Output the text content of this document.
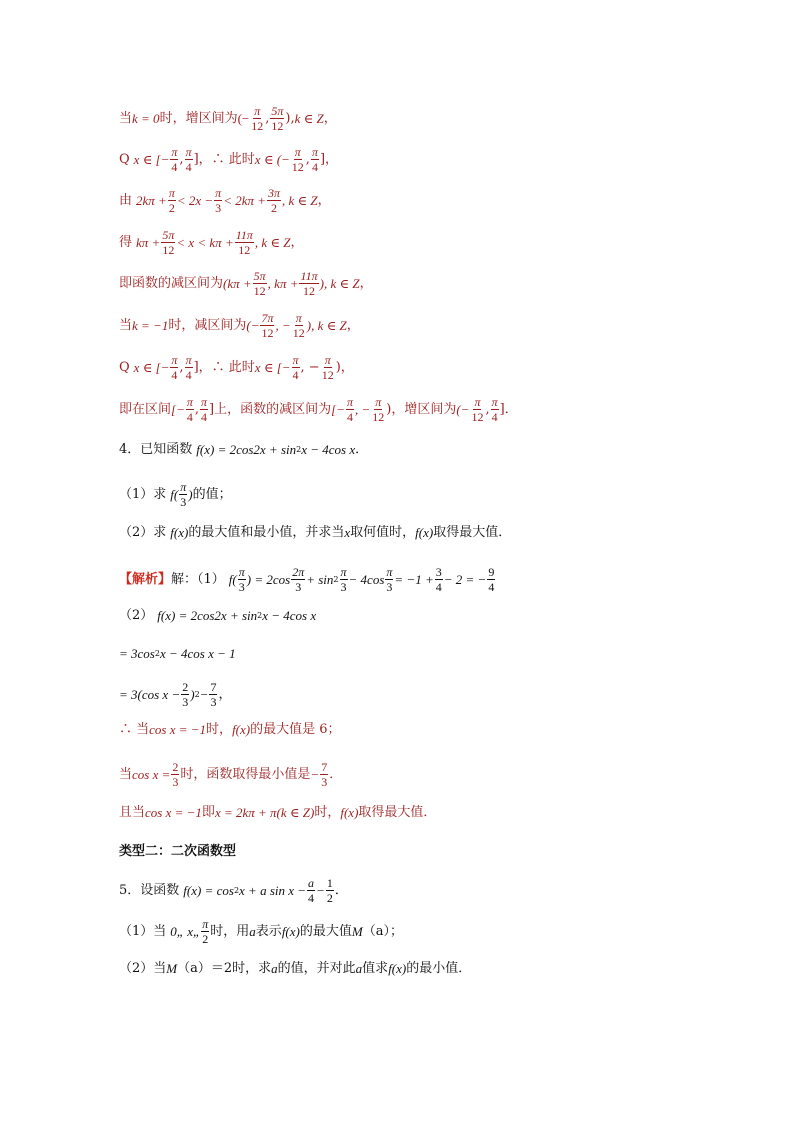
当 k = 0 时，增区间为 (− $\frac{\pi}{12}$ , $\frac{5\pi}{12}$ ), k ∈ Z ，
Q x ∈ [− $\frac{\pi}{4}$ , $\frac{\pi}{4}$ ] ，∴ 此时 x ∈ (− $\frac{\pi}{12}$ , $\frac{\pi}{4}$ ] ，
由 $2k\pi + \frac{\pi}{2} < 2x - \frac{\pi}{3} < 2k\pi + \frac{3\pi}{2}$ , k ∈ Z ，
得 $k\pi + \frac{5\pi}{12} < x < k\pi + \frac{11\pi}{12}$ , k ∈ Z ，
即函数的减区间为 ($k\pi + \frac{5\pi}{12}$ , $k\pi + \frac{11\pi}{12}$ ), k ∈ Z ，
当 k = −1 时，减区间为 (− $\frac{7\pi}{12}$ , − $\frac{\pi}{12}$ ), k ∈ Z ，
Q x ∈ [− $\frac{\pi}{4}$ , $\frac{\pi}{4}$ ] ，∴ 此时 x ∈ [− $\frac{\pi}{4}$ , − $\frac{\pi}{12}$ ) ，
即在区间 [− $\frac{\pi}{4}$ , $\frac{\pi}{4}$ ] 上，函数的减区间为 [− $\frac{\pi}{4}$ , − $\frac{\pi}{12}$ ) ，增区间为 (− $\frac{\pi}{12}$ , $\frac{\pi}{4}$ ] ．
4．已知函数 f(x) = 2cos2x + sin 2 x − 4cos x ．
（1）求 $f( \frac{\pi}{3}$ ) 的值；
（2）求 f(x) 的最大值和最小值，并求当 x 取何值时， f(x) 取得最大值．
【解析】 解：（1） $f( \frac{\pi}{3}$ ) = $2\cos \frac{2\pi}{3} + \sin 2 \frac{\pi}{3} - 4\cos \frac{\pi}{3} = -1 + \frac{3}{4} - 2$ = − $\frac{9}{4}$
（2） f(x) = 2cos2x + sin 2 x − 4cos x
= 3cos 2 x − 4cos x − 1
= 3(cos $x - \frac{2}{3}$ ) $2 - \frac{7}{3}$ ，
∴ 当 cos x = −1 时， f(x) 的最大值是 6；
当 $\cos x = \frac{2}{3}$ 时，函数取得最小值是 − $\frac{7}{3}$ ．
且当 cos x = −1 即 x = 2kπ + π(k ∈ Z) 时， f(x) 取得最大值．
类型二：二次函数型
5．设函数 f(x) = cos 2 x + a $\sin x - \frac{a}{4} - \frac{1}{2}$ ．
（1）当 0„ x„ $\frac{\pi}{2}$ 时，用 a 表示 f(x) 的最大值 M （a）；
（2）当 M （a）＝2时，求 a 的值，并对此 a 值求 f(x) 的最小值．
